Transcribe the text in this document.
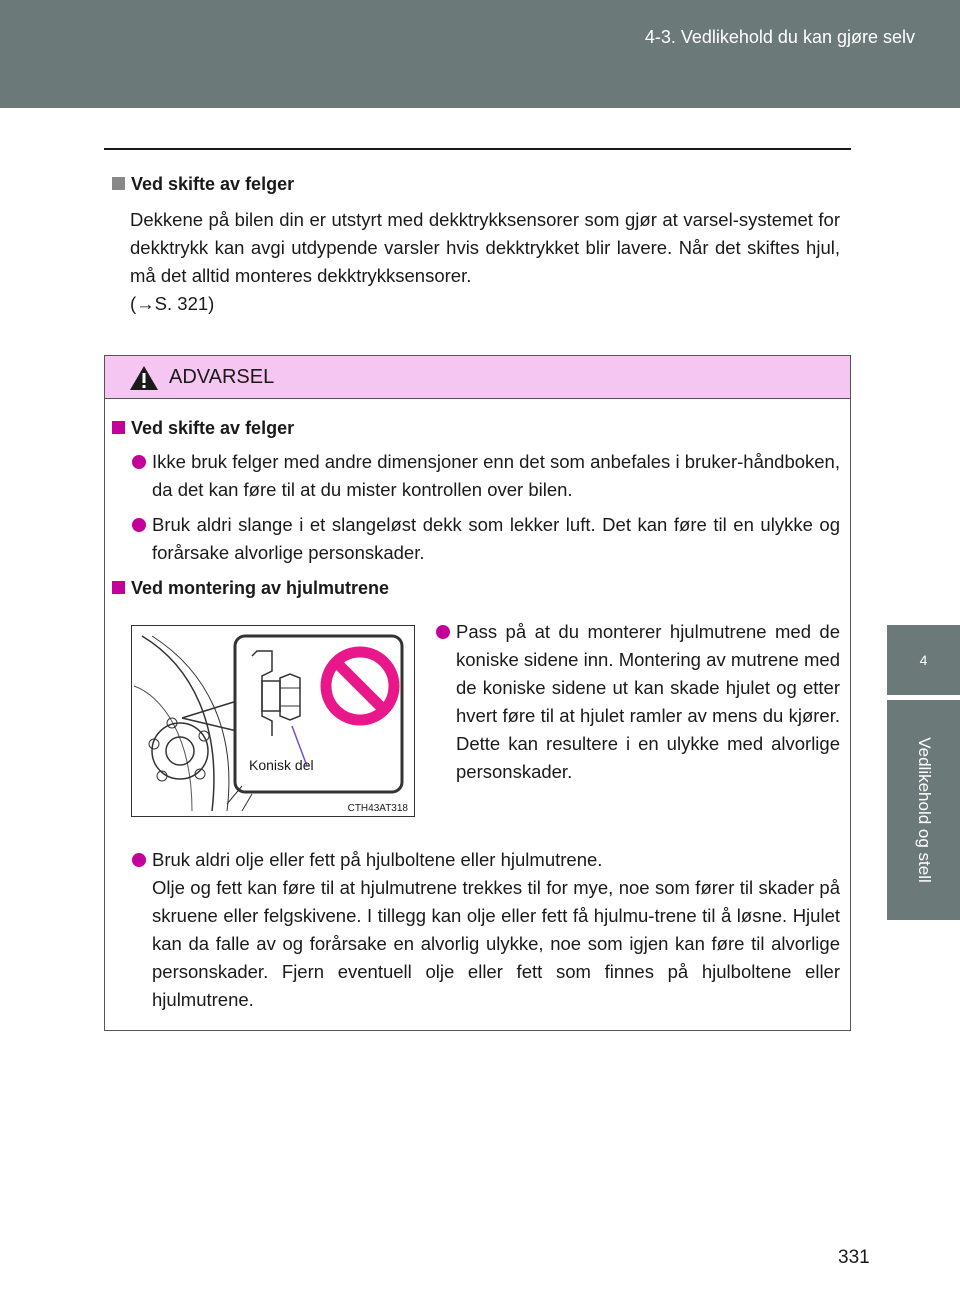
4-3. Vedlikehold du kan gjøre selv
4
Vedlikehold og stell
Ved skifte av felger
Dekkene på bilen din er utstyrt med dekktrykksensorer som gjør at varsel-systemet for dekktrykk kan avgi utdypende varsler hvis dekktrykket blir lavere. Når det skiftes hjul, må det alltid monteres dekktrykksensorer.
(→S. 321)
ADVARSEL
Ved skifte av felger
Ikke bruk felger med andre dimensjoner enn det som anbefales i bruker-håndboken, da det kan føre til at du mister kontrollen over bilen.
Bruk aldri slange i et slangeløst dekk som lekker luft. Det kan føre til en ulykke og forårsake alvorlige personskader.
Ved montering av hjulmutrene
Konisk del
CTH43AT318
Pass på at du monterer hjulmutrene med de koniske sidene inn. Montering av mutrene med de koniske sidene ut kan skade hjulet og etter hvert føre til at hjulet ramler av mens du kjører. Dette kan resultere i en ulykke med alvorlige personskader.
Bruk aldri olje eller fett på hjulboltene eller hjulmutrene.
Olje og fett kan føre til at hjulmutrene trekkes til for mye, noe som fører til skader på skruene eller felgskivene. I tillegg kan olje eller fett få hjulmu-trene til å løsne. Hjulet kan da falle av og forårsake en alvorlig ulykke, noe som igjen kan føre til alvorlige personskader. Fjern eventuell olje eller fett som finnes på hjulboltene eller hjulmutrene.
331
